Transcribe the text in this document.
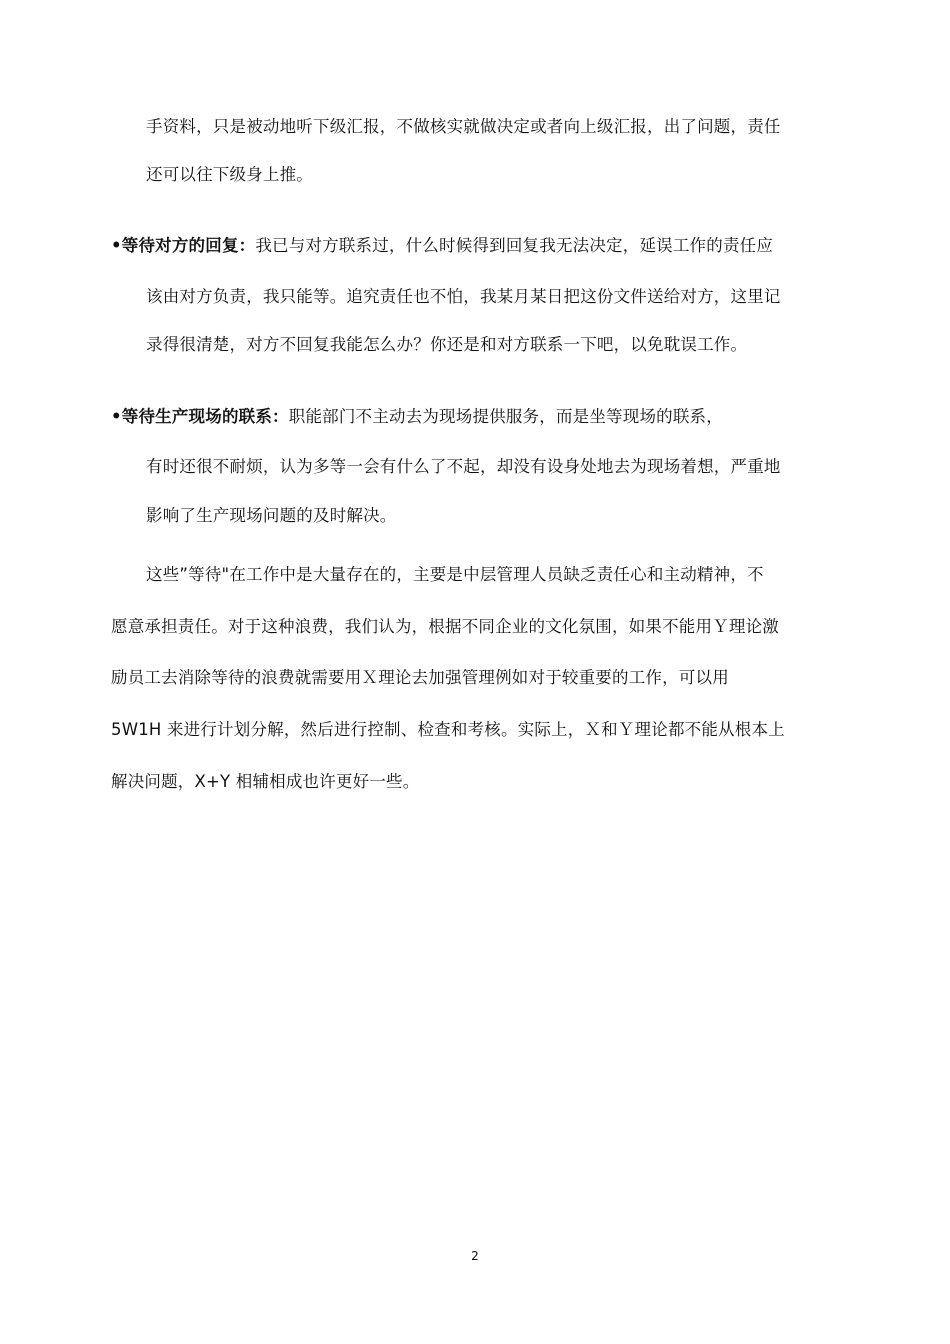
手资料，只是被动地听下级汇报，不做核实就做决定或者向上级汇报，出了问题，责任
还可以往下级身上推。
•等待对方的回复：我已与对方联系过，什么时候得到回复我无法决定，延误工作的责任应
该由对方负责，我只能等。追究责任也不怕，我某月某日把这份文件送给对方，这里记
录得很清楚，对方不回复我能怎么办？你还是和对方联系一下吧，以免耽误工作。
•等待生产现场的联系：职能部门不主动去为现场提供服务，而是坐等现场的联系，
有时还很不耐烦，认为多等一会有什么了不起，却没有设身处地去为现场着想，严重地
影响了生产现场问题的及时解决。
这些”等待"在工作中是大量存在的，主要是中层管理人员缺乏责任心和主动精神，不
愿意承担责任。对于这种浪费，我们认为，根据不同企业的文化氛围，如果不能用Ｙ理论激
励员工去消除等待的浪费就需要用Ｘ理论去加强管理例如对于较重要的工作，可以用
5W1H 来进行计划分解，然后进行控制、检查和考核。实际上，Ｘ和Ｙ理论都不能从根本上
解决问题，X+Y 相辅相成也许更好一些。
2
